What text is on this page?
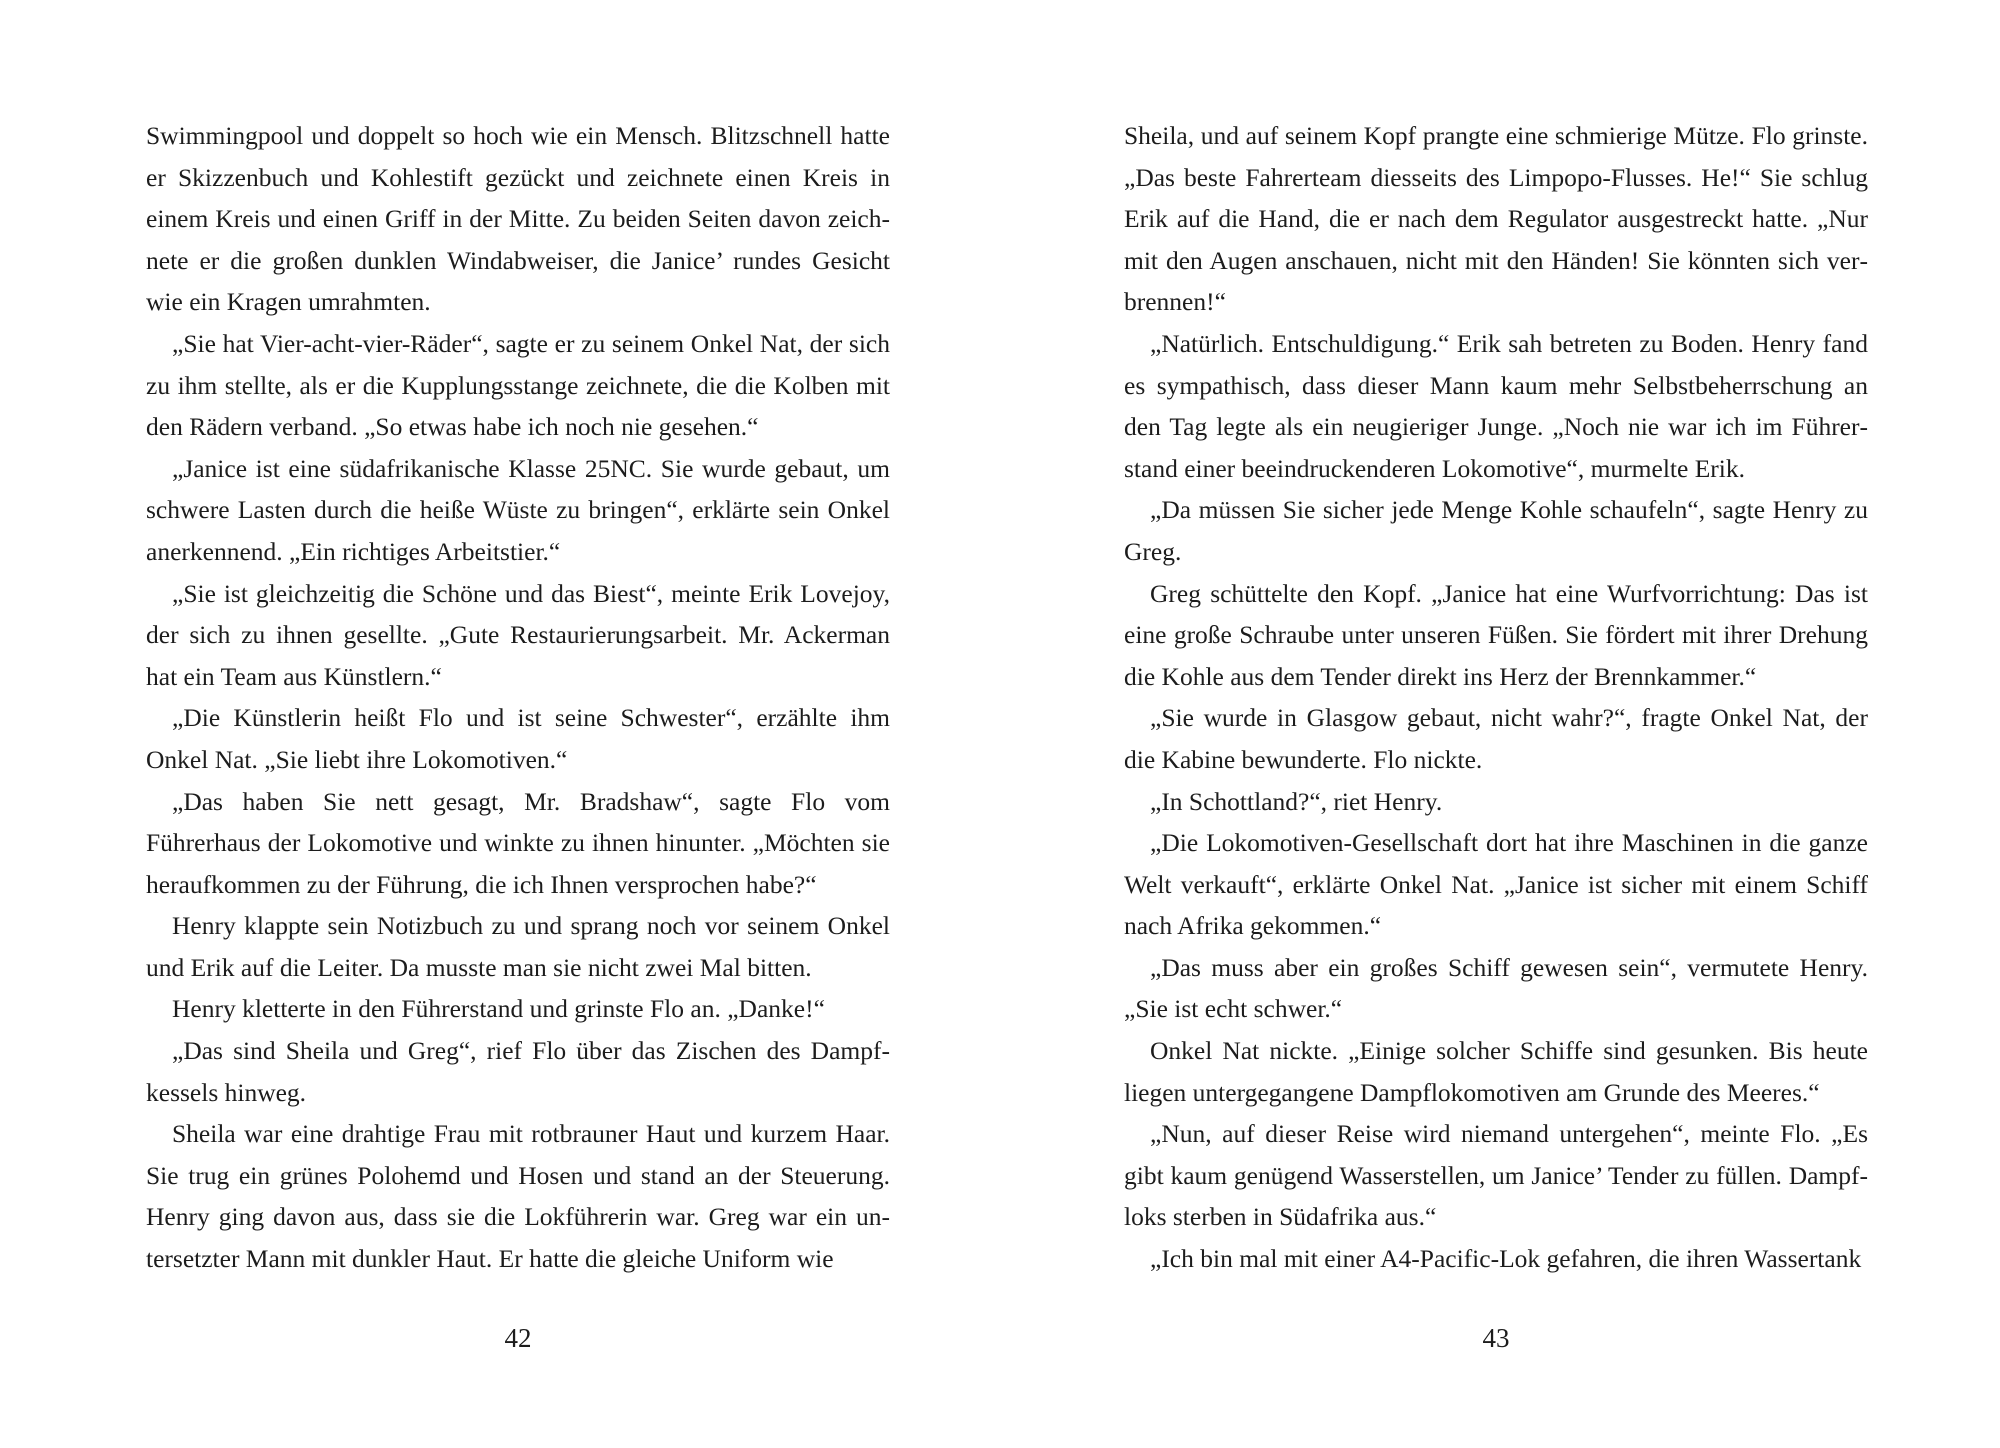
Swimmingpool und doppelt so hoch wie ein Mensch. Blitzschnell hatte er Skizzenbuch und Kohlestift gezückt und zeichnete einen Kreis in einem Kreis und einen Griff in der Mitte. Zu beiden Seiten davon zeichnete er die großen dunklen Windabweiser, die Janice’ rundes Gesicht wie ein Kragen umrahmten.

„Sie hat Vier-acht-vier-Räder“, sagte er zu seinem Onkel Nat, der sich zu ihm stellte, als er die Kupplungsstange zeichnete, die die Kolben mit den Rädern verband. „So etwas habe ich noch nie gesehen.“

„Janice ist eine südafrikanische Klasse 25NC. Sie wurde gebaut, um schwere Lasten durch die heiße Wüste zu bringen“, erklärte sein Onkel anerkennend. „Ein richtiges Arbeitstier.“

„Sie ist gleichzeitig die Schöne und das Biest“, meinte Erik Lovejoy, der sich zu ihnen gesellte. „Gute Restaurierungsarbeit. Mr. Ackerman hat ein Team aus Künstlern.“

„Die Künstlerin heißt Flo und ist seine Schwester“, erzählte ihm Onkel Nat. „Sie liebt ihre Lokomotiven.“

„Das haben Sie nett gesagt, Mr. Bradshaw“, sagte Flo vom Führerhaus der Lokomotive und winkte zu ihnen hinunter. „Möchten sie heraufkommen zu der Führung, die ich Ihnen versprochen habe?“

Henry klappte sein Notizbuch zu und sprang noch vor seinem Onkel und Erik auf die Leiter. Da musste man sie nicht zwei Mal bitten.

Henry kletterte in den Führerstand und grinste Flo an. „Danke!“

„Das sind Sheila und Greg“, rief Flo über das Zischen des Dampfkessels hinweg.

Sheila war eine drahtige Frau mit rotbrauner Haut und kurzem Haar. Sie trug ein grünes Polohemd und Hosen und stand an der Steuerung. Henry ging davon aus, dass sie die Lokführerin war. Greg war ein untersetzter Mann mit dunkler Haut. Er hatte die gleiche Uniform wie

42

Sheila, und auf seinem Kopf prangte eine schmierige Mütze. Flo grinste. „Das beste Fahrerteam diesseits des Limpopo-Flusses. He!“ Sie schlug Erik auf die Hand, die er nach dem Regulator ausgestreckt hatte. „Nur mit den Augen anschauen, nicht mit den Händen! Sie könnten sich verbrennen!“

„Natürlich. Entschuldigung.“ Erik sah betreten zu Boden. Henry fand es sympathisch, dass dieser Mann kaum mehr Selbstbeherrschung an den Tag legte als ein neugieriger Junge. „Noch nie war ich im Führerstand einer beeindruckenderen Lokomotive“, murmelte Erik.

„Da müssen Sie sicher jede Menge Kohle schaufeln“, sagte Henry zu Greg.

Greg schüttelte den Kopf. „Janice hat eine Wurfvorrichtung: Das ist eine große Schraube unter unseren Füßen. Sie fördert mit ihrer Drehung die Kohle aus dem Tender direkt ins Herz der Brennkammer.“

„Sie wurde in Glasgow gebaut, nicht wahr?“, fragte Onkel Nat, der die Kabine bewunderte. Flo nickte.

„In Schottland?“, riet Henry.

„Die Lokomotiven-Gesellschaft dort hat ihre Maschinen in die ganze Welt verkauft“, erklärte Onkel Nat. „Janice ist sicher mit einem Schiff nach Afrika gekommen.“

„Das muss aber ein großes Schiff gewesen sein“, vermutete Henry. „Sie ist echt schwer.“

Onkel Nat nickte. „Einige solcher Schiffe sind gesunken. Bis heute liegen untergegangene Dampflokomotiven am Grunde des Meeres.“

„Nun, auf dieser Reise wird niemand untergehen“, meinte Flo. „Es gibt kaum genügend Wasserstellen, um Janice’ Tender zu füllen. Dampfloks sterben in Südafrika aus.“

„Ich bin mal mit einer A4-Pacific-Lok gefahren, die ihren Wassertank

43
